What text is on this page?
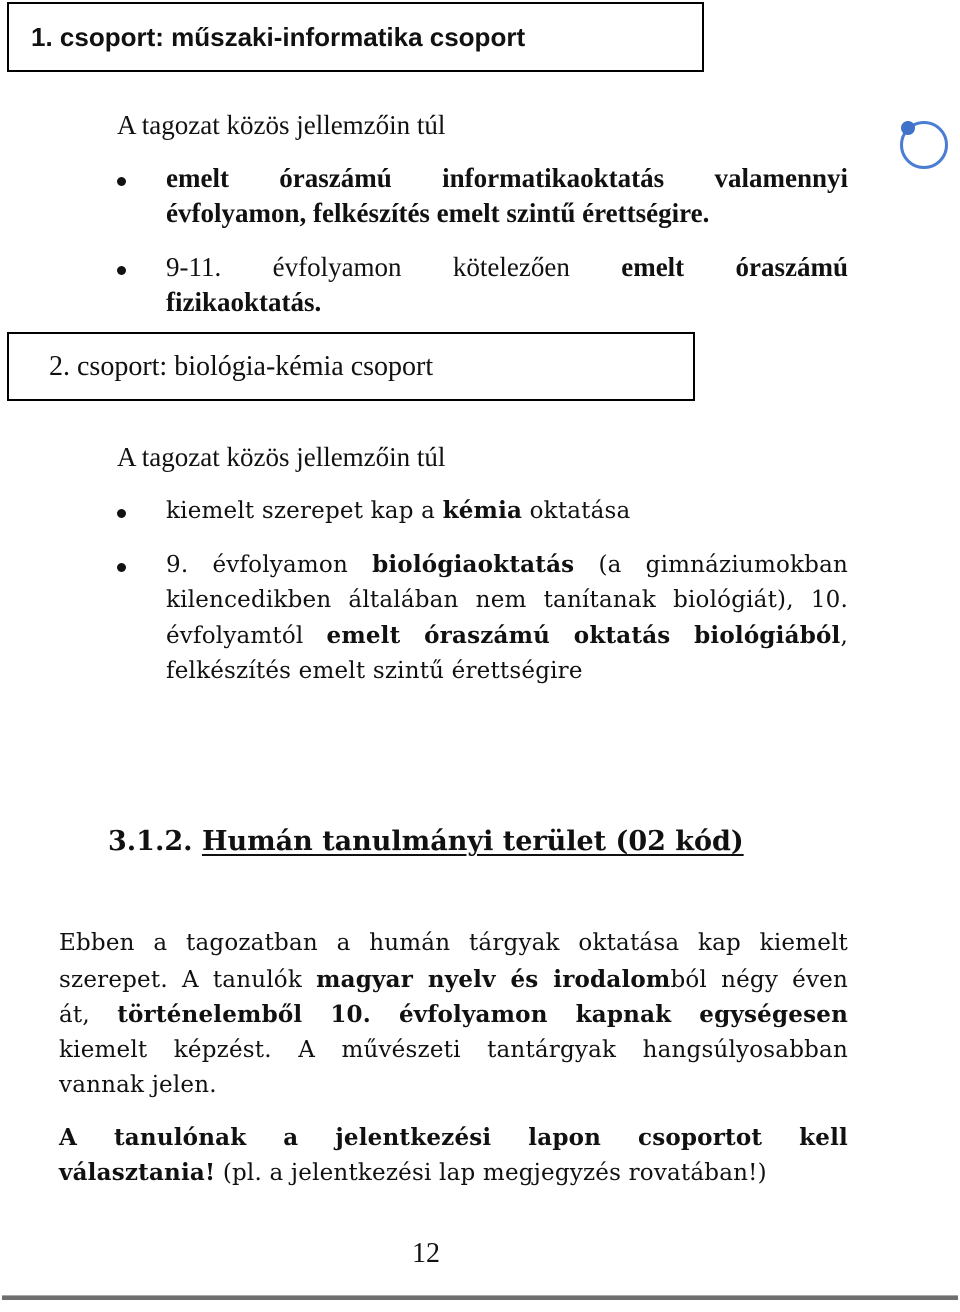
1. csoport: műszaki-informatika csoport
A tagozat közös jellemzőin túl
emelt óraszámú informatikaoktatás valamennyi
évfolyamon, felkészítés emelt szintű érettségire.
9-11. évfolyamon kötelezően emelt óraszámú
fizikaoktatás.
2. csoport: biológia-kémia csoport
A tagozat közös jellemzőin túl
kiemelt szerepet kap a kémia oktatása
9. évfolyamon biológiaoktatás (a gimnáziumokban
kilencedikben általában nem tanítanak biológiát), 10.
évfolyamtól emelt óraszámú oktatás biológiából,
felkészítés emelt szintű érettségire
3.1.2. Humán tanulmányi terület (02 kód)
Ebben a tagozatban a humán tárgyak oktatása kap kiemelt
szerepet. A tanulók magyar nyelv és irodalomból négy éven
át, történelemből 10. évfolyamon kapnak egységesen
kiemelt képzést. A művészeti tantárgyak hangsúlyosabban
vannak jelen.
A tanulónak a jelentkezési lapon csoportot kell
választania! (pl. a jelentkezési lap megjegyzés rovatában!)
12
